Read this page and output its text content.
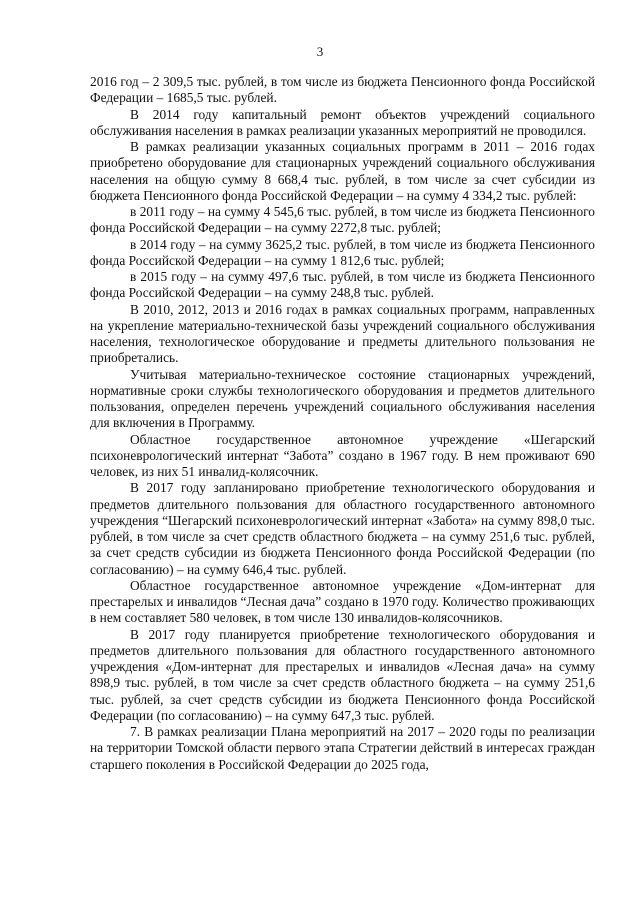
3

2016 год – 2 309,5 тыс. рублей, в том числе из бюджета Пенсионного фонда Российской Федерации – 1685,5 тыс. рублей.

В 2014 году капитальный ремонт объектов учреждений социального обслуживания населения в рамках реализации указанных мероприятий не проводился.

В рамках реализации указанных социальных программ в 2011 – 2016 годах приобретено оборудование для стационарных учреждений социального обслуживания населения на общую сумму 8 668,4 тыс. рублей, в том числе за счет субсидии из бюджета Пенсионного фонда Российской Федерации – на сумму 4 334,2 тыс. рублей:

в 2011 году – на сумму 4 545,6 тыс. рублей, в том числе из бюджета Пенсионного фонда Российской Федерации – на сумму 2272,8 тыс. рублей;

в 2014 году – на сумму 3625,2 тыс. рублей, в том числе из бюджета Пенсионного фонда Российской Федерации – на сумму 1 812,6 тыс. рублей;

в 2015 году – на сумму 497,6 тыс. рублей, в том числе из бюджета Пенсионного фонда Российской Федерации – на сумму 248,8 тыс. рублей.

В 2010, 2012, 2013 и 2016 годах в рамках социальных программ, направленных на укрепление материально-технической базы учреждений социального обслуживания населения, технологическое оборудование и предметы длительного пользования не приобретались.

Учитывая материально-техническое состояние стационарных учреждений, нормативные сроки службы технологического оборудования и предметов длительного пользования, определен перечень учреждений социального обслуживания населения для включения в Программу.

Областное государственное автономное учреждение «Шегарский психоневрологический интернат “Забота” создано в 1967 году. В нем проживают 690 человек, из них 51 инвалид-колясочник.

В 2017 году запланировано приобретение технологического оборудования и предметов длительного пользования для областного государственного автономного учреждения “Шегарский психоневрологический интернат «Забота» на сумму 898,0 тыс. рублей, в том числе за счет средств областного бюджета – на сумму 251,6 тыс. рублей, за счет средств субсидии из бюджета Пенсионного фонда Российской Федерации (по согласованию) – на сумму 646,4 тыс. рублей.

Областное государственное автономное учреждение «Дом-интернат для престарелых и инвалидов “Лесная дача” создано в 1970 году. Количество проживающих в нем составляет 580 человек, в том числе 130 инвалидов-колясочников.

В 2017 году планируется приобретение технологического оборудования и предметов длительного пользования для областного государственного автономного учреждения «Дом-интернат для престарелых и инвалидов «Лесная дача» на сумму 898,9 тыс. рублей, в том числе за счет средств областного бюджета – на сумму 251,6 тыс. рублей, за счет средств субсидии из бюджета Пенсионного фонда Российской Федерации (по согласованию) – на сумму 647,3 тыс. рублей.

7. В рамках реализации Плана мероприятий на 2017 – 2020 годы по реализации на территории Томской области первого этапа Стратегии действий в интересах граждан старшего поколения в Российской Федерации до 2025 года,
